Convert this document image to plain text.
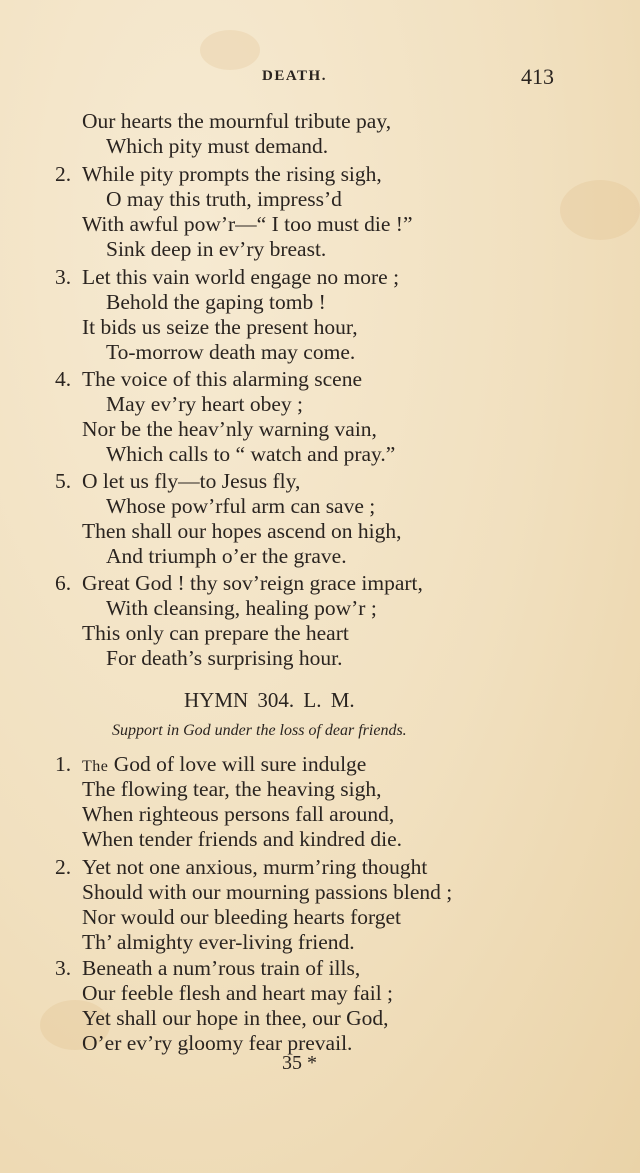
DEATH.	413
Our hearts the mournful tribute pay,
Which pity must demand.
2. While pity prompts the rising sigh,
O may this truth, impress’d
With awful pow’r—“ I too must die !”
Sink deep in ev’ry breast.
3. Let this vain world engage no more ;
Behold the gaping tomb !
It bids us seize the present hour,
To-morrow death may come.
4. The voice of this alarming scene
May ev’ry heart obey ;
Nor be the heav’nly warning vain,
Which calls to “ watch and pray.”
5. O let us fly—to Jesus fly,
Whose pow’rful arm can save ;
Then shall our hopes ascend on high,
And triumph o’er the grave.
6. Great God ! thy sov’reign grace impart,
With cleansing, healing pow’r ;
This only can prepare the heart
For death’s surprising hour.
HYMN 304. L. M.
Support in God under the loss of dear friends.
1. The God of love will sure indulge
The flowing tear, the heaving sigh,
When righteous persons fall around,
When tender friends and kindred die.
2. Yet not one anxious, murm’ring thought
Should with our mourning passions blend ;
Nor would our bleeding hearts forget
Th’ almighty ever-living friend.
3. Beneath a num’rous train of ills,
Our feeble flesh and heart may fail ;
Yet shall our hope in thee, our God,
O’er ev’ry gloomy fear prevail.
35 *
